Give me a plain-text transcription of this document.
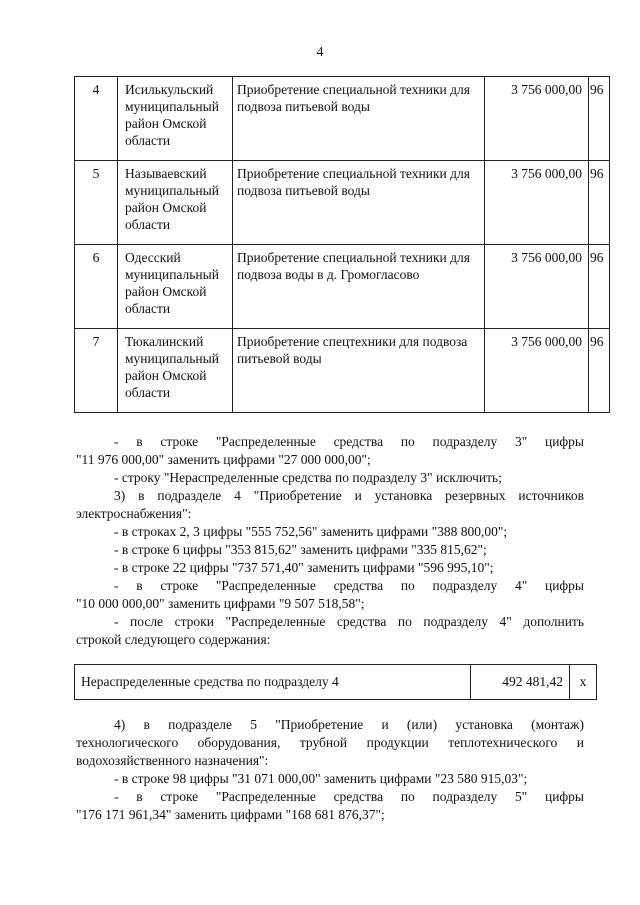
4
4	Исилькульский муниципальный район Омской области	Приобретение специальной техники для подвоза питьевой воды	3 756 000,00	96
5	Называевский муниципальный район Омской области	Приобретение специальной техники для подвоза питьевой воды	3 756 000,00	96
6	Одесский муниципальный район Омской области	Приобретение специальной техники для подвоза воды в д. Громогласово	3 756 000,00	96
7	Тюкалинский муниципальный район Омской области	Приобретение спецтехники для подвоза питьевой воды	3 756 000,00	96
- в строке "Распределенные средства по подразделу 3" цифры
"11 976 000,00" заменить цифрами "27 000 000,00";
- строку "Нераспределенные средства по подразделу 3" исключить;
3) в подразделе 4 "Приобретение и установка резервных источников
электроснабжения":
- в строках 2, 3 цифры "555 752,56" заменить цифрами "388 800,00";
- в строке 6 цифры "353 815,62" заменить цифрами "335 815,62";
- в строке 22 цифры "737 571,40" заменить цифрами "596 995,10";
- в строке "Распределенные средства по подразделу 4" цифры
"10 000 000,00" заменить цифрами "9 507 518,58";
- после строки "Распределенные средства по подразделу 4" дополнить
строкой следующего содержания:
Нераспределенные средства по подразделу 4	492 481,42	х
4) в подразделе 5 "Приобретение и (или) установка (монтаж)
технологического оборудования, трубной продукции теплотехнического и
водохозяйственного назначения":
- в строке 98 цифры "31 071 000,00" заменить цифрами "23 580 915,03";
- в строке "Распределенные средства по подразделу 5" цифры
"176 171 961,34" заменить цифрами "168 681 876,37";
